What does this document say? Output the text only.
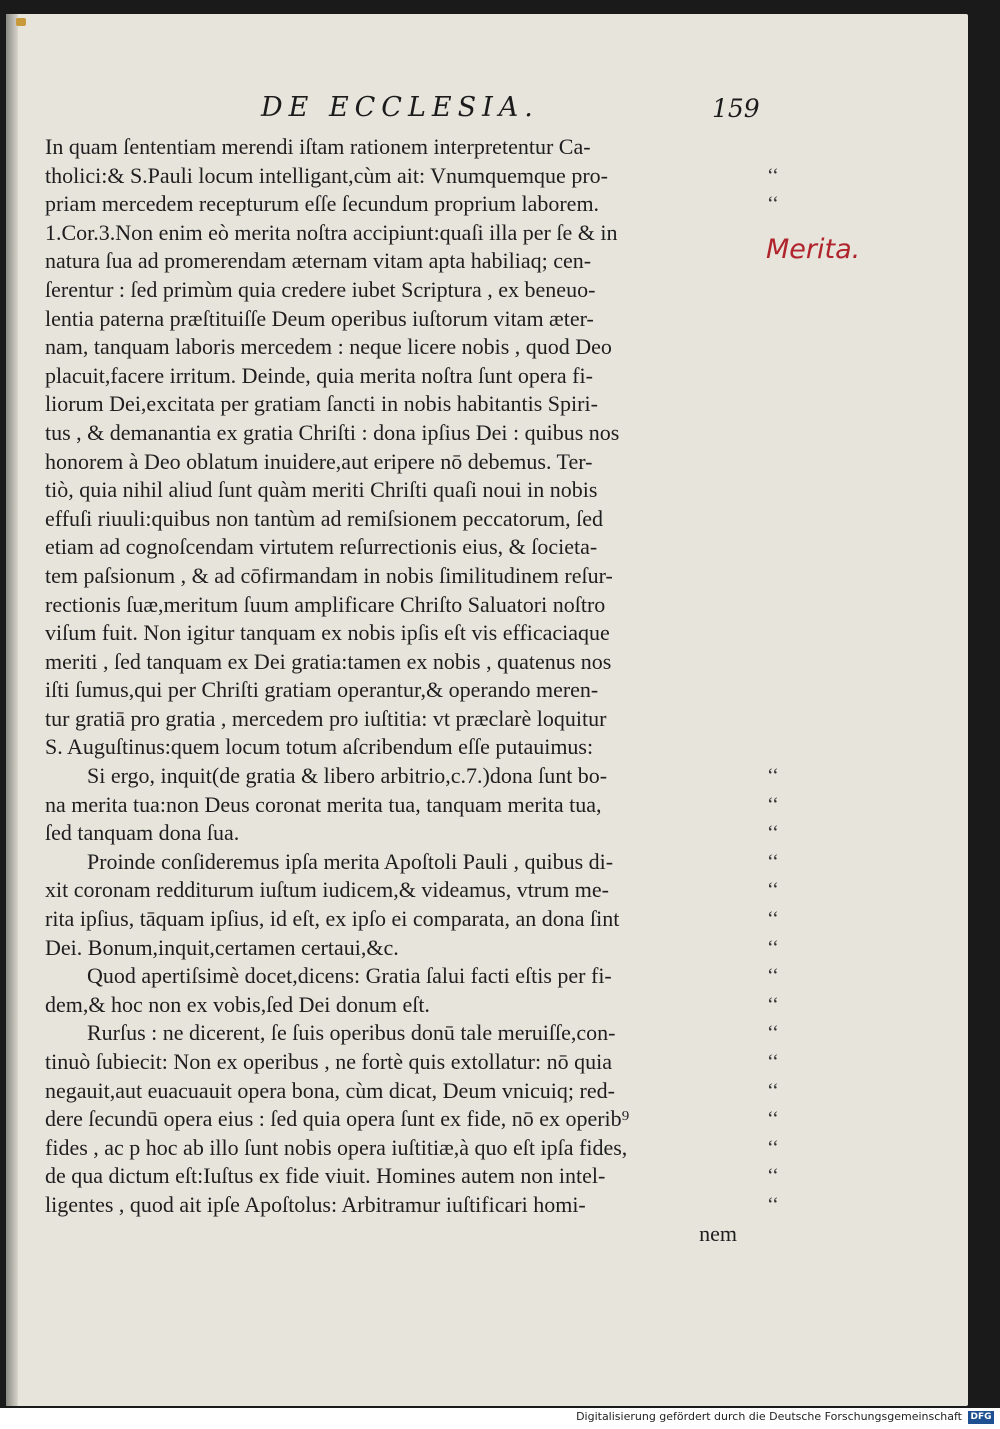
DE ECCLESIA.	159
In quam ſententiam merendi iſtam rationem interpretentur Ca-
tholici:& S.Pauli locum intelligant,cùm ait: Vnumquemque pro-	‘‘
priam mercedem recepturum eſſe ſecundum proprium laborem.	‘‘
1.Cor.3.Non enim eò merita noſtra accipiunt:quaſi illa per ſe & in
natura ſua ad promerendam æternam vitam apta habiliaq; cen-
ſerentur : ſed primùm quia credere iubet Scriptura , ex beneuo-
lentia paterna præſtituiſſe Deum operibus iuſtorum vitam æter-
nam, tanquam laboris mercedem : neque licere nobis , quod Deo
placuit,facere irritum. Deinde, quia merita noſtra ſunt opera fi-
liorum Dei,excitata per gratiam ſancti in nobis habitantis Spiri-
tus , & demanantia ex gratia Chriſti : dona ipſius Dei : quibus nos
honorem à Deo oblatum inuidere,aut eripere nō debemus. Ter-
tiò, quia nihil aliud ſunt quàm meriti Chriſti quaſi noui in nobis
effuſi riuuli:quibus non tantùm ad remiſsionem peccatorum, ſed
etiam ad cognoſcendam virtutem reſurrectionis eius, & ſocieta-
tem paſsionum , & ad cōfirmandam in nobis ſimilitudinem reſur-
rectionis ſuæ,meritum ſuum amplificare Chriſto Saluatori noſtro
viſum fuit. Non igitur tanquam ex nobis ipſis eſt vis efficaciaque
meriti , ſed tanquam ex Dei gratia:tamen ex nobis , quatenus nos
iſti ſumus,qui per Chriſti gratiam operantur,& operando meren-
tur gratiā pro gratia , mercedem pro iuſtitia: vt præclarè loquitur
S. Auguſtinus:quem locum totum aſcribendum eſſe putauimus:
Si ergo, inquit(de gratia & libero arbitrio,c.7.)dona ſunt bo-	‘‘
na merita tua:non Deus coronat merita tua, tanquam merita tua,	‘‘
ſed tanquam dona ſua.	‘‘
Proinde conſideremus ipſa merita Apoſtoli Pauli , quibus di-	‘‘
xit coronam redditurum iuſtum iudicem,& videamus, vtrum me-	‘‘
rita ipſius, tāquam ipſius, id eſt, ex ipſo ei comparata, an dona ſint	‘‘
Dei. Bonum,inquit,certamen certaui,&c.	‘‘
Quod apertiſsimè docet,dicens: Gratia ſalui facti eſtis per fi-	‘‘
dem,& hoc non ex vobis,ſed Dei donum eſt.	‘‘
Rurſus : ne dicerent, ſe ſuis operibus donū tale meruiſſe,con-	‘‘
tinuò ſubiecit: Non ex operibus , ne fortè quis extollatur: nō quia	‘‘
negauit,aut euacuauit opera bona, cùm dicat, Deum vnicuiq; red-	‘‘
dere ſecundū opera eius : ſed quia opera ſunt ex fide, nō ex operib⁹	‘‘
fides , ac p hoc ab illo ſunt nobis opera iuſtitiæ,à quo eſt ipſa fides,	‘‘
de qua dictum eſt:Iuſtus ex fide viuit. Homines autem non intel-	‘‘
ligentes , quod ait ipſe Apoſtolus: Arbitramur iuſtificari homi-	‘‘
nem
Merita.
Digitalisierung gefördert durch die Deutsche Forschungsgemeinschaft DFG
